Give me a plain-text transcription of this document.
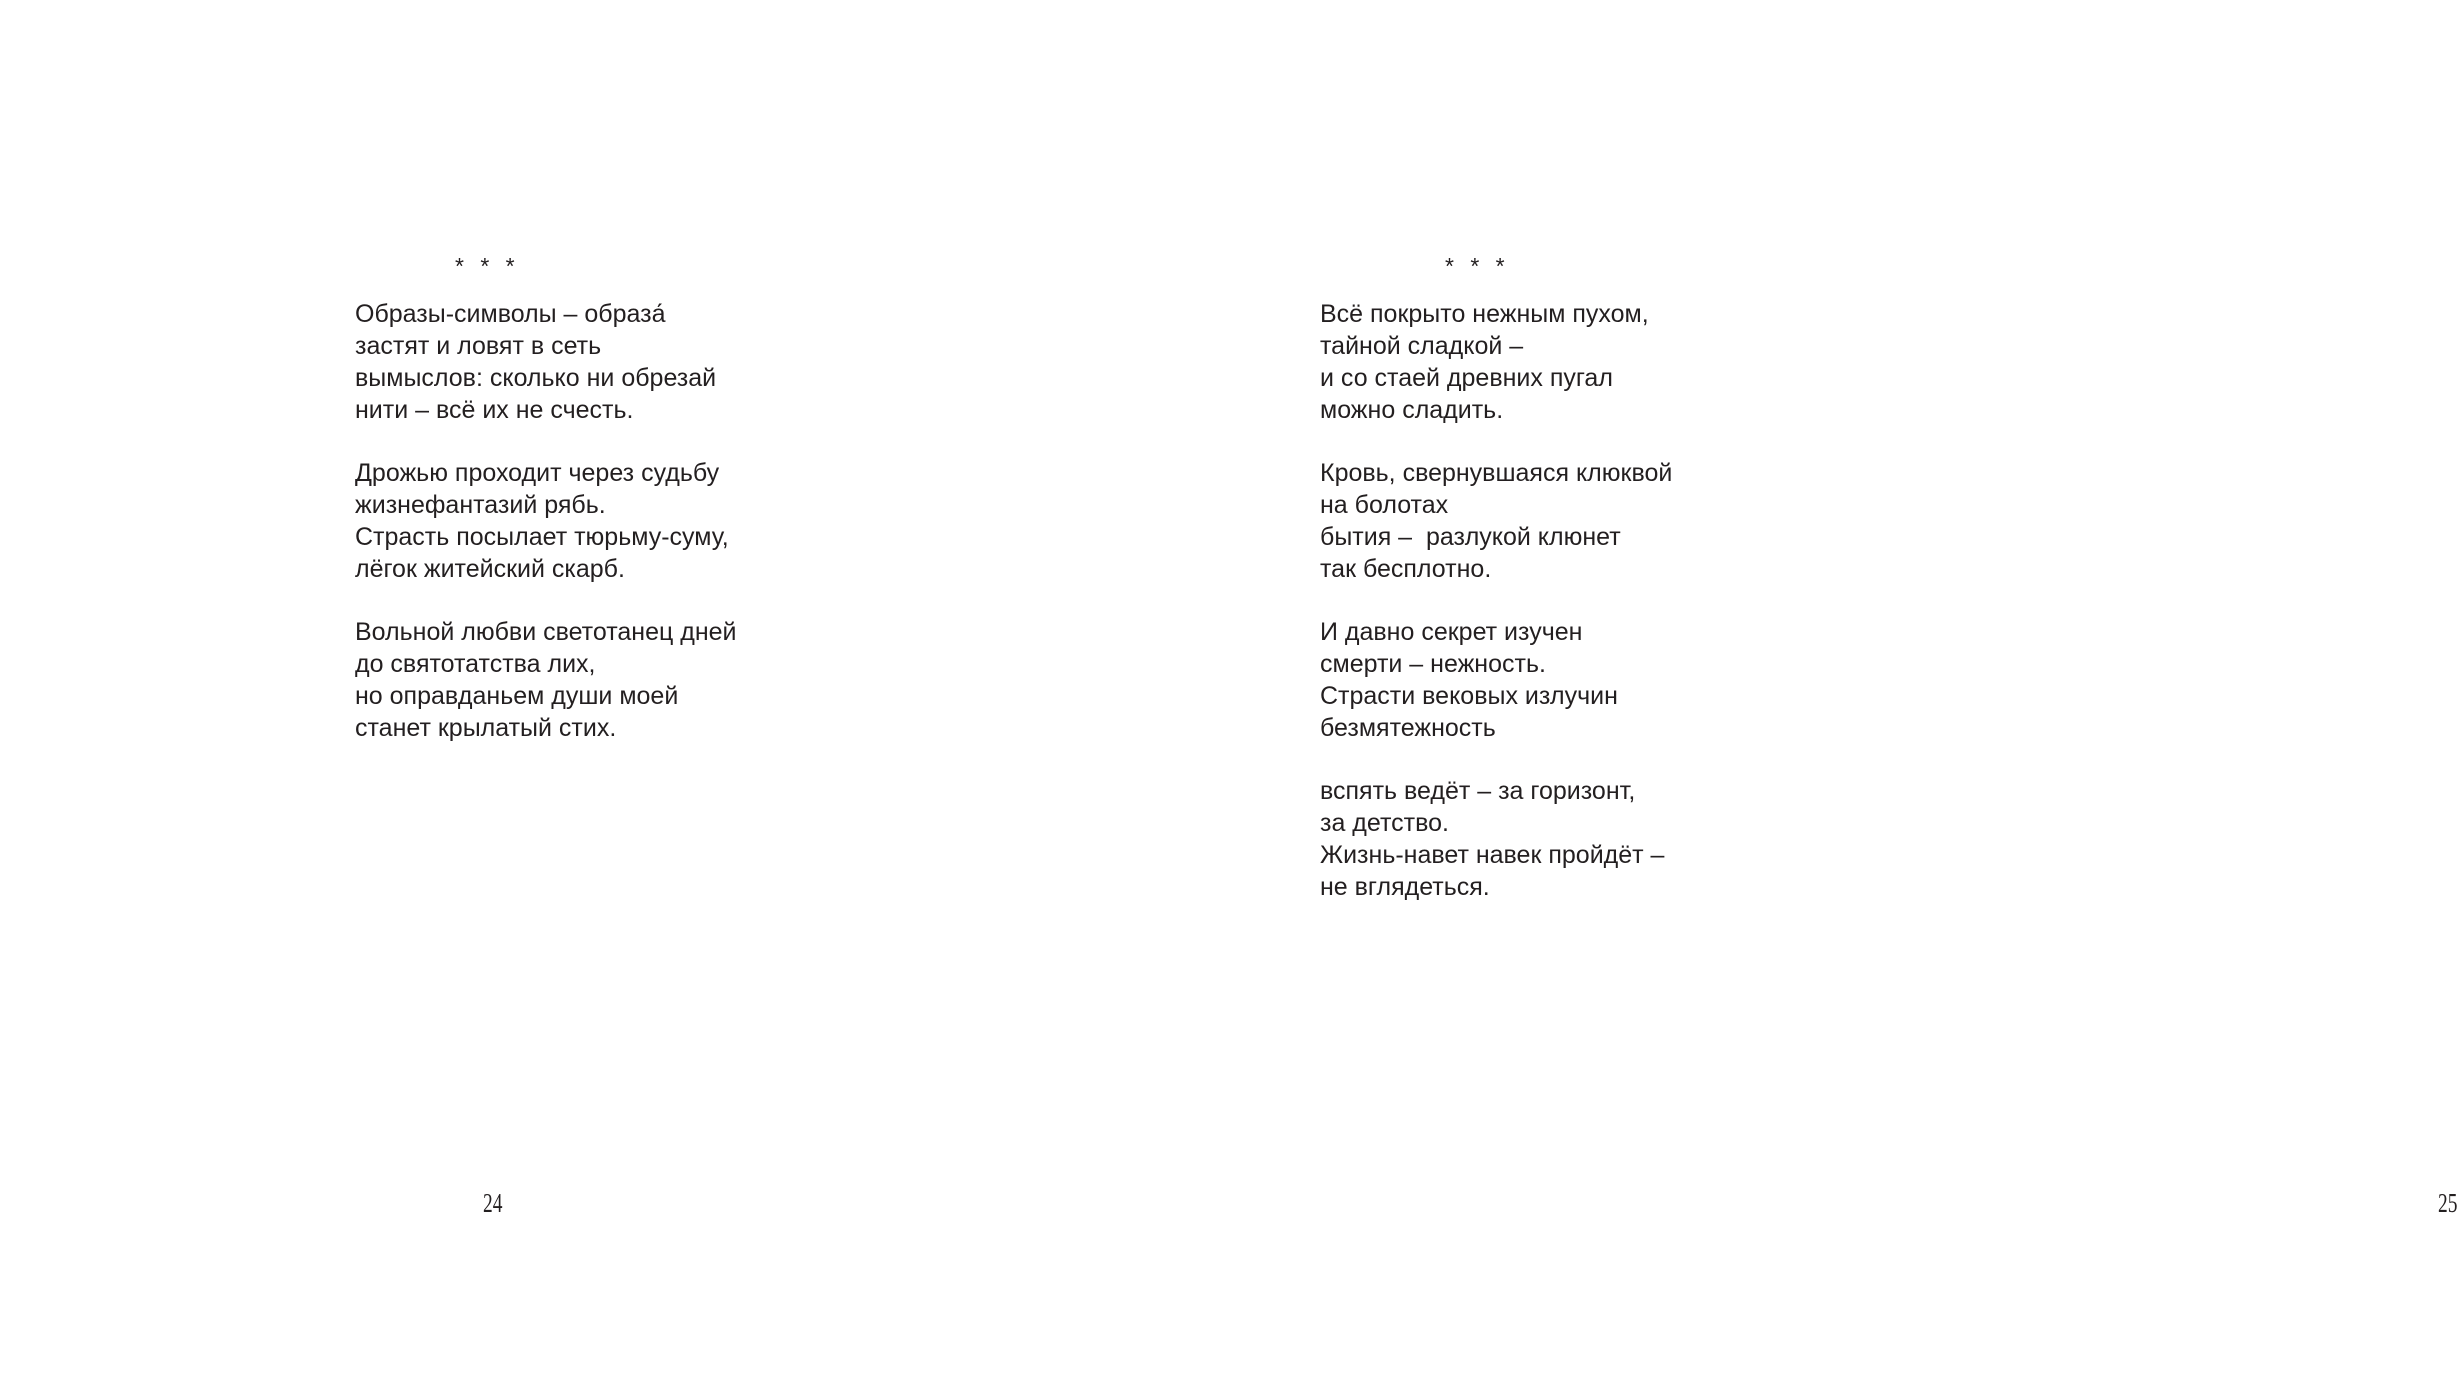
* * *

Образы-символы – образа́

застят и ловят в сеть

вымыслов: сколько ни обрезай

нити – всё их не счесть.

Дрожью проходит через судьбу

жизнефантазий рябь.

Страсть посылает тюрьму-суму,

лёгок житейский скарб.

Вольной любви светотанец дней

до святотатства лих,

но оправданьем души моей

станет крылатый стих.

24
* * *

Всё покрыто нежным пухом,

тайной сладкой –

и со стаей древних пугал

можно сладить.

Кровь, свернувшаяся клюквой

на болотах

бытия –  разлукой клюнет

так бесплотно.

И давно секрет изучен

смерти – нежность.

Страсти вековых излучин

безмятежность

вспять ведёт – за горизонт,

за детство.

Жизнь-навет навек пройдёт –

не вглядеться.

25
